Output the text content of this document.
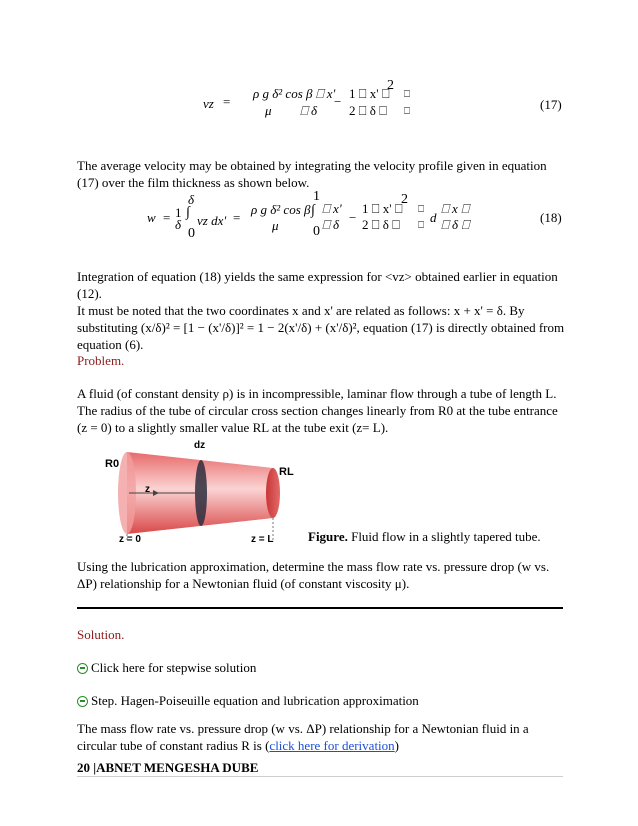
vz =
ρ g δ² cos β ⎕ x'
−
1 ⎕ x' ⎕
2
⎕
μ ⎕ δ 2 ⎕ δ ⎕ ⎕	(17)
The average velocity may be obtained by integrating the velocity profile given in equation (17) over the film thickness as shown below.
w =
δ
1 ∫
δ
0
vz dx' =
ρ g δ² cos β
μ
1
∫
0
⎕ x'
⎕ δ −
1 ⎕ x' ⎕
2
2 ⎕ δ ⎕
⎕
⎕
d
⎕ x ⎕
⎕ δ ⎕	(18)
Integration of equation (18) yields the same expression for <vz> obtained earlier in equation (12).
It must be noted that the two coordinates x and x' are related as follows: x + x' = δ. By substituting (x/δ)² = [1 − (x'/δ)]² = 1 − 2(x'/δ) + (x'/δ)², equation (17) is directly obtained from equation (6).
Problem.
A fluid (of constant density ρ) is in incompressible, laminar flow through a tube of length L. The radius of the tube of circular cross section changes linearly from R0 at the tube entrance (z = 0) to a slightly smaller value RL at the tube exit (z= L).
dz
R0
RL
z
z = 0	z = L	Figure. Fluid flow in a slightly tapered tube.
Using the lubrication approximation, determine the mass flow rate vs. pressure drop (w vs. ΔP) relationship for a Newtonian fluid (of constant viscosity μ).
Solution.
Click here for stepwise solution
Step. Hagen-Poiseuille equation and lubrication approximation
The mass flow rate vs. pressure drop (w vs. ΔP) relationship for a Newtonian fluid in a circular tube of constant radius R is (click here for derivation)
20 |ABNET MENGESHA DUBE
